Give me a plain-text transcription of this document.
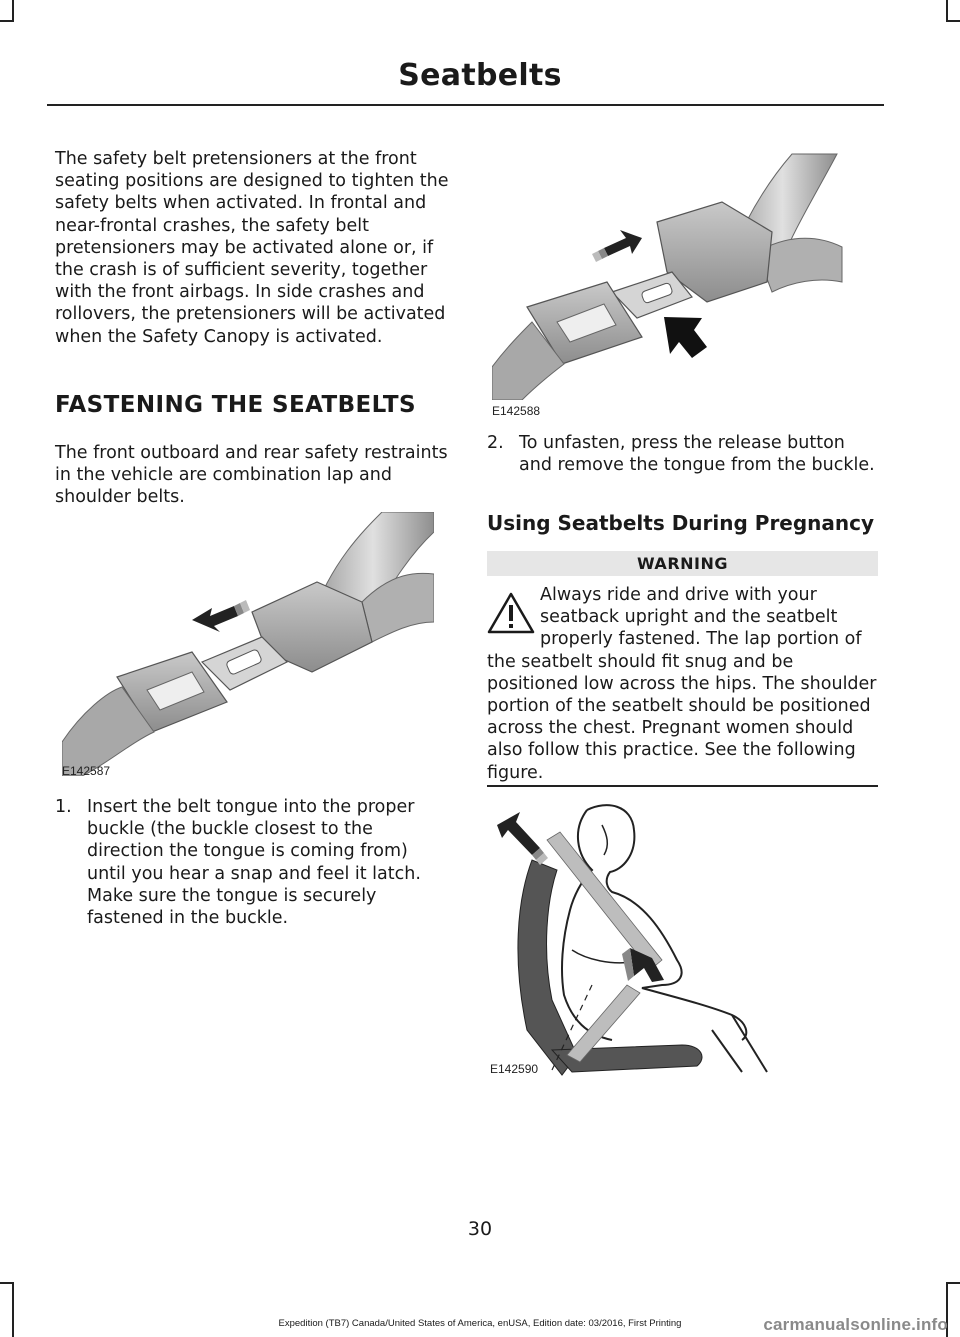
Seatbelts

The safety belt pretensioners at the front seating positions are designed to tighten the safety belts when activated. In frontal and near-frontal crashes, the safety belt pretensioners may be activated alone or, if the crash is of sufficient severity, together with the front airbags. In side crashes and rollovers, the pretensioners will be activated when the Safety Canopy is activated.

FASTENING THE SEATBELTS

The front outboard and rear safety restraints in the vehicle are combination lap and shoulder belts.

E142587
1. Insert the belt tongue into the proper buckle (the buckle closest to the direction the tongue is coming from) until you hear a snap and feel it latch. Make sure the tongue is securely fastened in the buckle.
E142588
2. To unfasten, press the release button and remove the tongue from the buckle.
Using Seatbelts During Pregnancy
WARNING

Always ride and drive with your seatback upright and the seatbelt properly fastened. The lap portion of the seatbelt should fit snug and be positioned low across the hips. The shoulder portion of the seatbelt should be positioned across the chest. Pregnant women should also follow this practice. See the following figure.

E142590
30
Expedition (TB7) Canada/United States of America, enUSA, Edition date: 03/2016, First Printing	carmanualsonline.info
